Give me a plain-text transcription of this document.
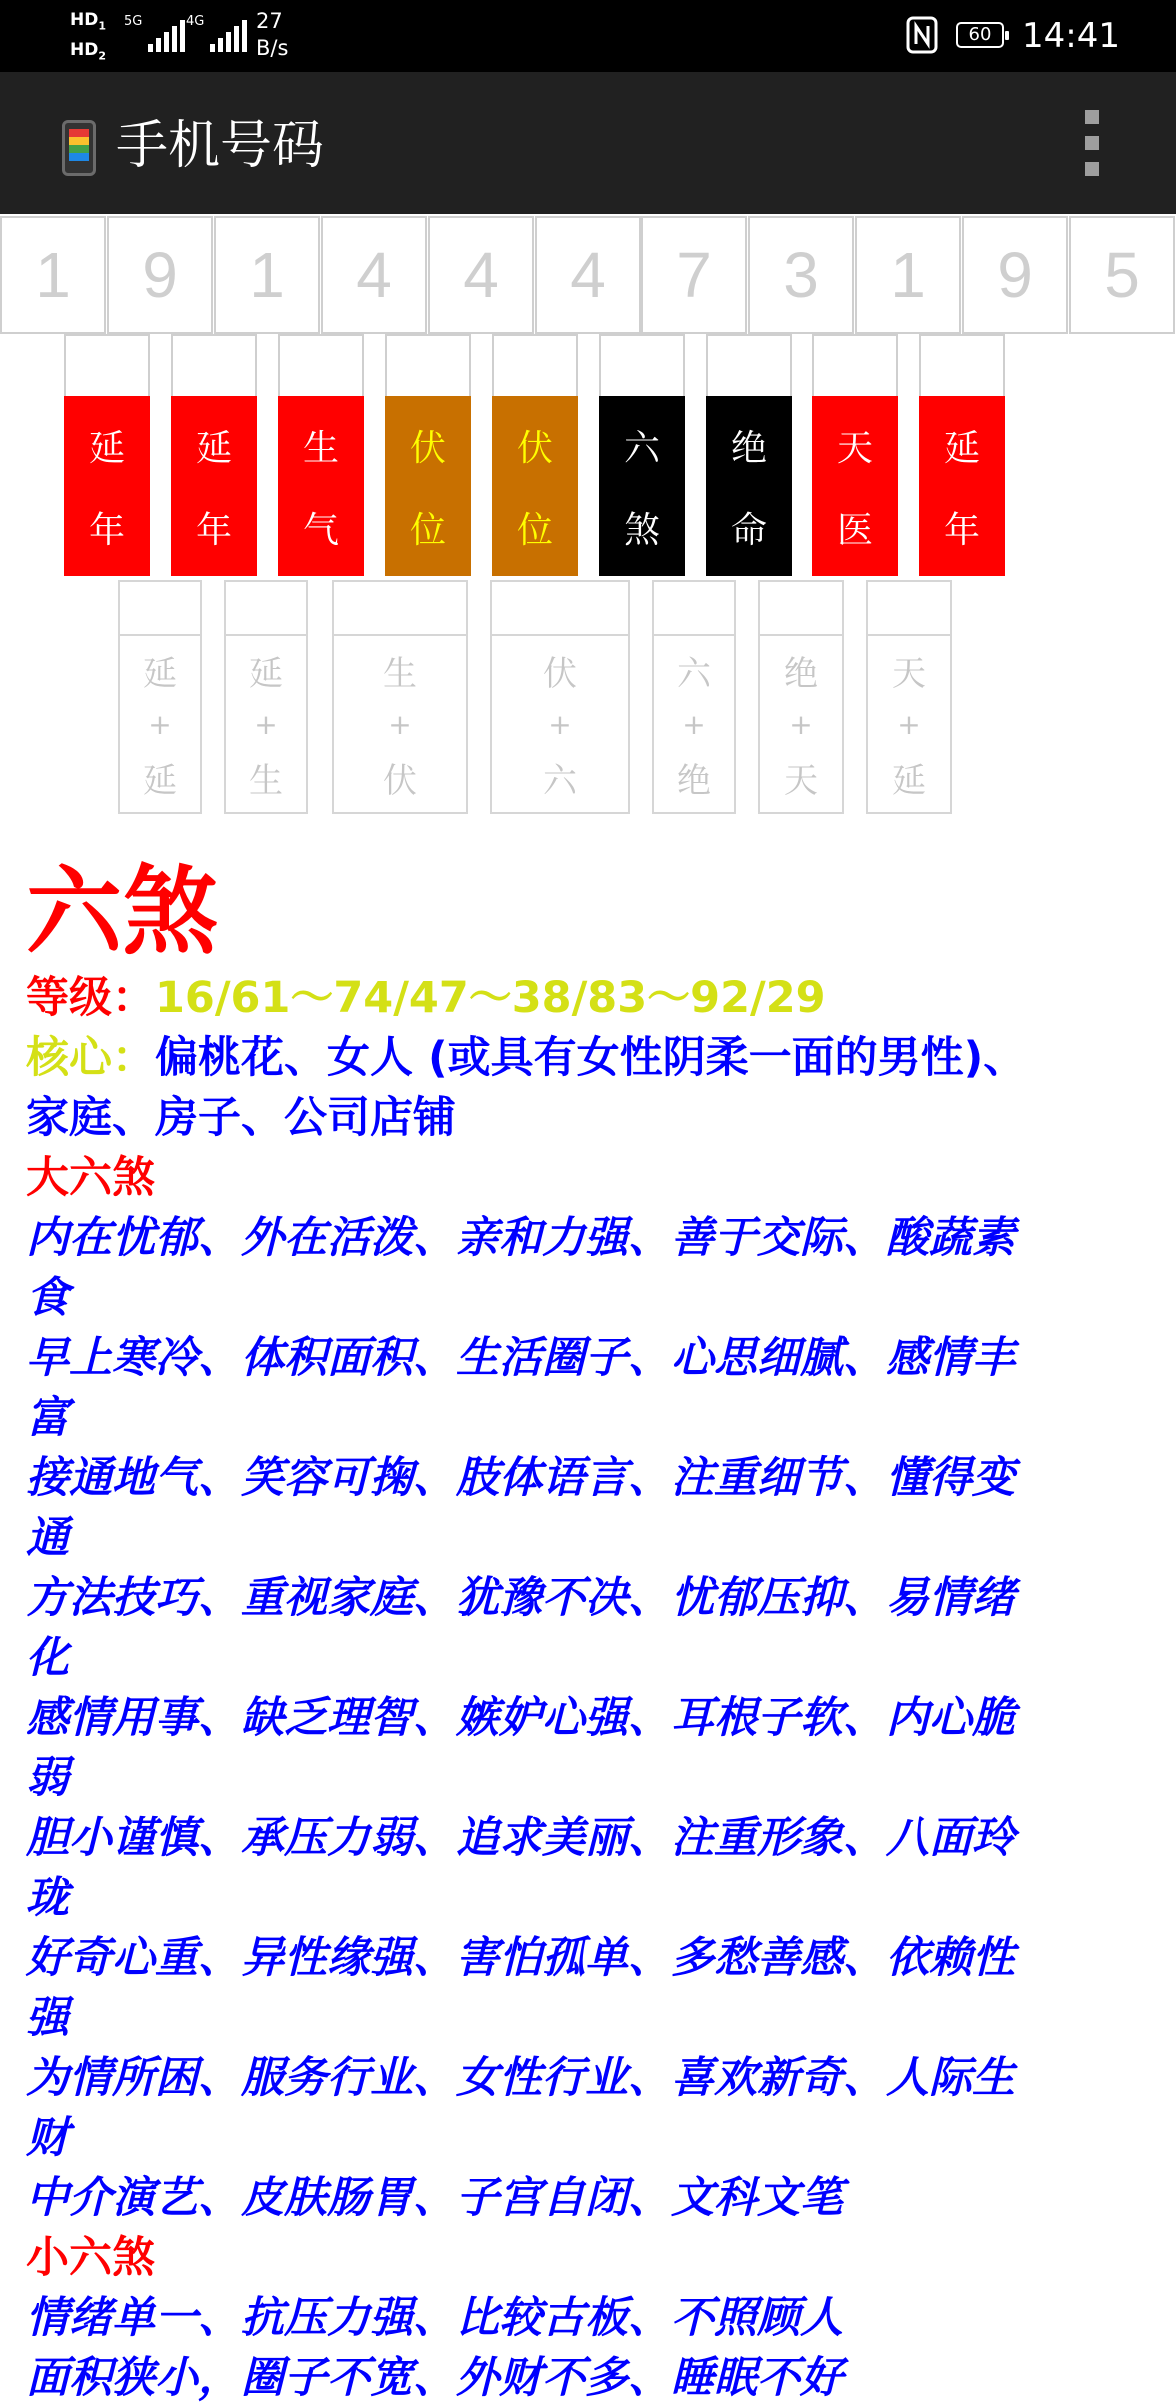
$HD_1$
$HD_2$
5G	4G 27
B/s
60 14:41
手机号码
1	9	1	4	4	4	7	3	1	9	5
延
年
延
年
生
气
伏
位
伏
位
六
煞
绝
命
天
医
延
年
延
+
延
延
+
生
生
+
伏
伏
+
六
六
+
绝
绝
+
天
天
+
延
六煞
等级：16/61～74/47～38/83～92/29
核心：偏桃花、女人 (或具有女性阴柔一面的男性)、
家庭、房子、公司店铺
大六煞
内在忧郁、外在活泼、亲和力强、善于交际、酸蔬素
食
早上寒冷、体积面积、生活圈子、心思细腻、感情丰
富
接通地气、笑容可掬、肢体语言、注重细节、懂得变
通
方法技巧、重视家庭、犹豫不决、忧郁压抑、易情绪
化
感情用事、缺乏理智、嫉妒心强、耳根子软、内心脆
弱
胆小谨慎、承压力弱、追求美丽、注重形象、八面玲
珑
好奇心重、异性缘强、害怕孤单、多愁善感、依赖性
强
为情所困、服务行业、女性行业、喜欢新奇、人际生
财
中介演艺、皮肤肠胃、子宫自闭、文科文笔
小六煞
情绪单一、抗压力强、比较古板、不照顾人
面积狭小，圈子不宽、外财不多、睡眠不好
